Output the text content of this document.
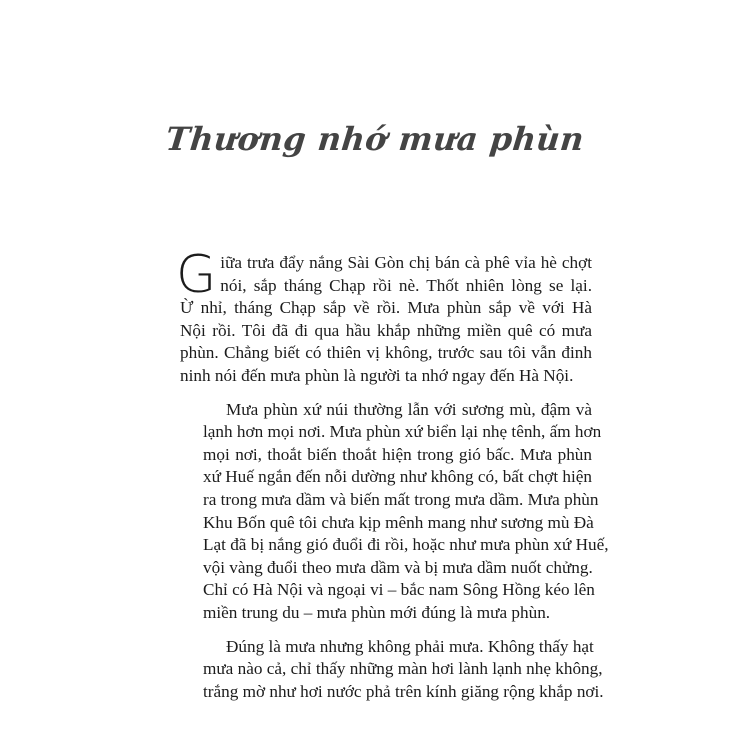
Thương nhớ mưa phùn
G iữa trưa đẩy nắng Sài Gòn chị bán cà phê vỉa hè chợt
nói, sắp tháng Chạp rồi nè. Thốt nhiên lòng se lại.
Ừ nhỉ, tháng Chạp sắp về rồi. Mưa phùn sắp về với Hà
Nội rồi. Tôi đã đi qua hầu khắp những miền quê có mưa
phùn. Chẳng biết có thiên vị không, trước sau tôi vẫn đinh
ninh nói đến mưa phùn là người ta nhớ ngay đến Hà Nội.
Mưa phùn xứ núi thường lẫn với sương mù, đậm và
lạnh hơn mọi nơi. Mưa phùn xứ biển lại nhẹ tênh, ấm hơn
mọi nơi, thoắt biến thoắt hiện trong gió bấc. Mưa phùn
xứ Huế ngắn đến nỗi dường như không có, bất chợt hiện
ra trong mưa dầm và biến mất trong mưa dầm. Mưa phùn
Khu Bốn quê tôi chưa kịp mênh mang như sương mù Đà
Lạt đã bị nắng gió đuổi đi rồi, hoặc như mưa phùn xứ Huế,
vội vàng đuổi theo mưa dầm và bị mưa dầm nuốt chửng.
Chỉ có Hà Nội và ngoại vi – bắc nam Sông Hồng kéo lên
miền trung du – mưa phùn mới đúng là mưa phùn.
Đúng là mưa nhưng không phải mưa. Không thấy hạt
mưa nào cả, chỉ thấy những màn hơi lành lạnh nhẹ không,
trắng mờ như hơi nước phả trên kính giăng rộng khắp nơi.
